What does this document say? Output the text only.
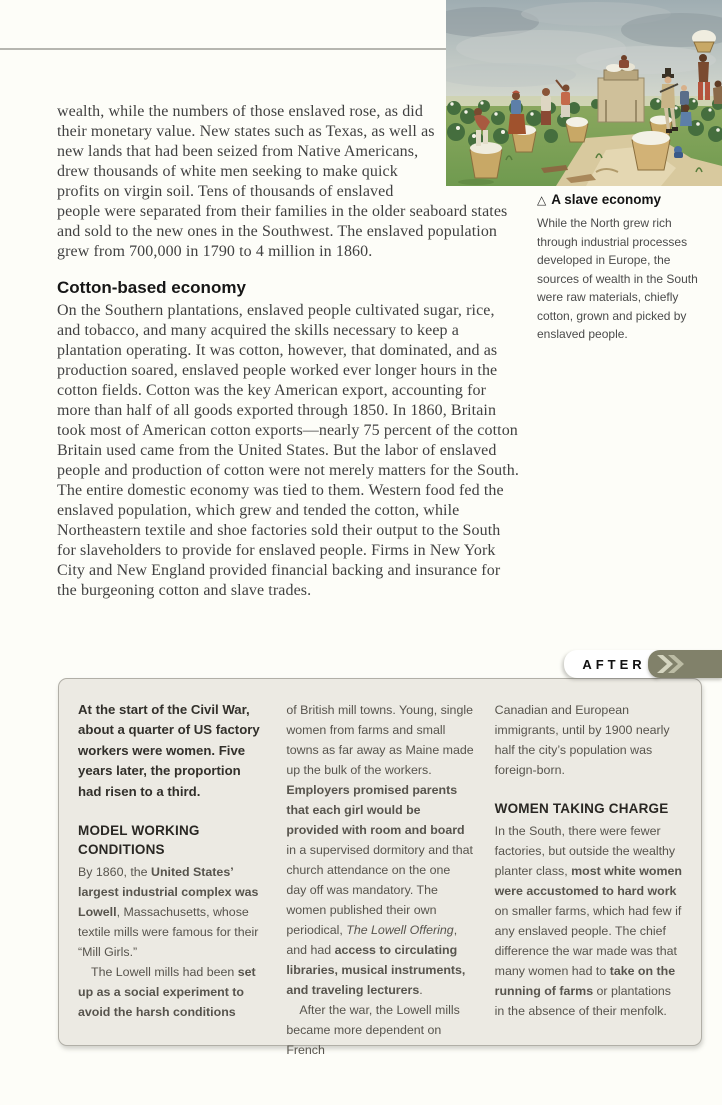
wealth, while the numbers of those enslaved rose, as did their monetary value. New states such as Texas, as well as new lands that had been seized from Native Americans, drew thousands of white men seeking to make quick profits on virgin soil. Tens of thousands of enslaved people were separated from their families in the older seaboard states and sold to the new ones in the Southwest. The enslaved population grew from 700,000 in 1790 to 4 million in 1860.

Cotton-based economy

On the Southern plantations, enslaved people cultivated sugar, rice, and tobacco, and many acquired the skills necessary to keep a plantation operating. It was cotton, however, that dominated, and as production soared, enslaved people worked ever longer hours in the cotton fields. Cotton was the key American export, accounting for more than half of all goods exported through 1850. In 1860, Britain took most of American cotton exports—nearly 75 percent of the cotton Britain used came from the United States. But the labor of enslaved people and production of cotton were not merely matters for the South. The entire domestic economy was tied to them. Western food fed the enslaved population, which grew and tended the cotton, while Northeastern textile and shoe factories sold their output to the South for slaveholders to provide for enslaved people. Firms in New York City and New England provided financial backing and insurance for the burgeoning cotton and slave trades.

△ A slave economy
While the North grew rich through industrial processes developed in Europe, the sources of wealth in the South were raw materials, chiefly cotton, grown and picked by enslaved people.
AFTER

At the start of the Civil War, about a quarter of US factory workers were women. Five years later, the proportion had risen to a third.

MODEL WORKING CONDITIONS

By 1860, the United States’ largest industrial complex was Lowell, Massachusetts, whose textile mills were famous for their “Mill Girls.”

The Lowell mills had been set up as a social experiment to avoid the harsh conditions

of British mill towns. Young, single women from farms and small towns as far away as Maine made up the bulk of the workers. Employers promised parents that each girl would be provided with room and board in a supervised dormitory and that church attendance on the one day off was mandatory. The women published their own periodical, The Lowell Offering, and had access to circulating libraries, musical instruments, and traveling lecturers.

After the war, the Lowell mills became more dependent on French

Canadian and European immigrants, until by 1900 nearly half the city’s population was foreign-born.

WOMEN TAKING CHARGE

In the South, there were fewer factories, but outside the wealthy planter class, most white women were accustomed to hard work on smaller farms, which had few if any enslaved people. The chief difference the war made was that many women had to take on the running of farms or plantations in the absence of their menfolk.
